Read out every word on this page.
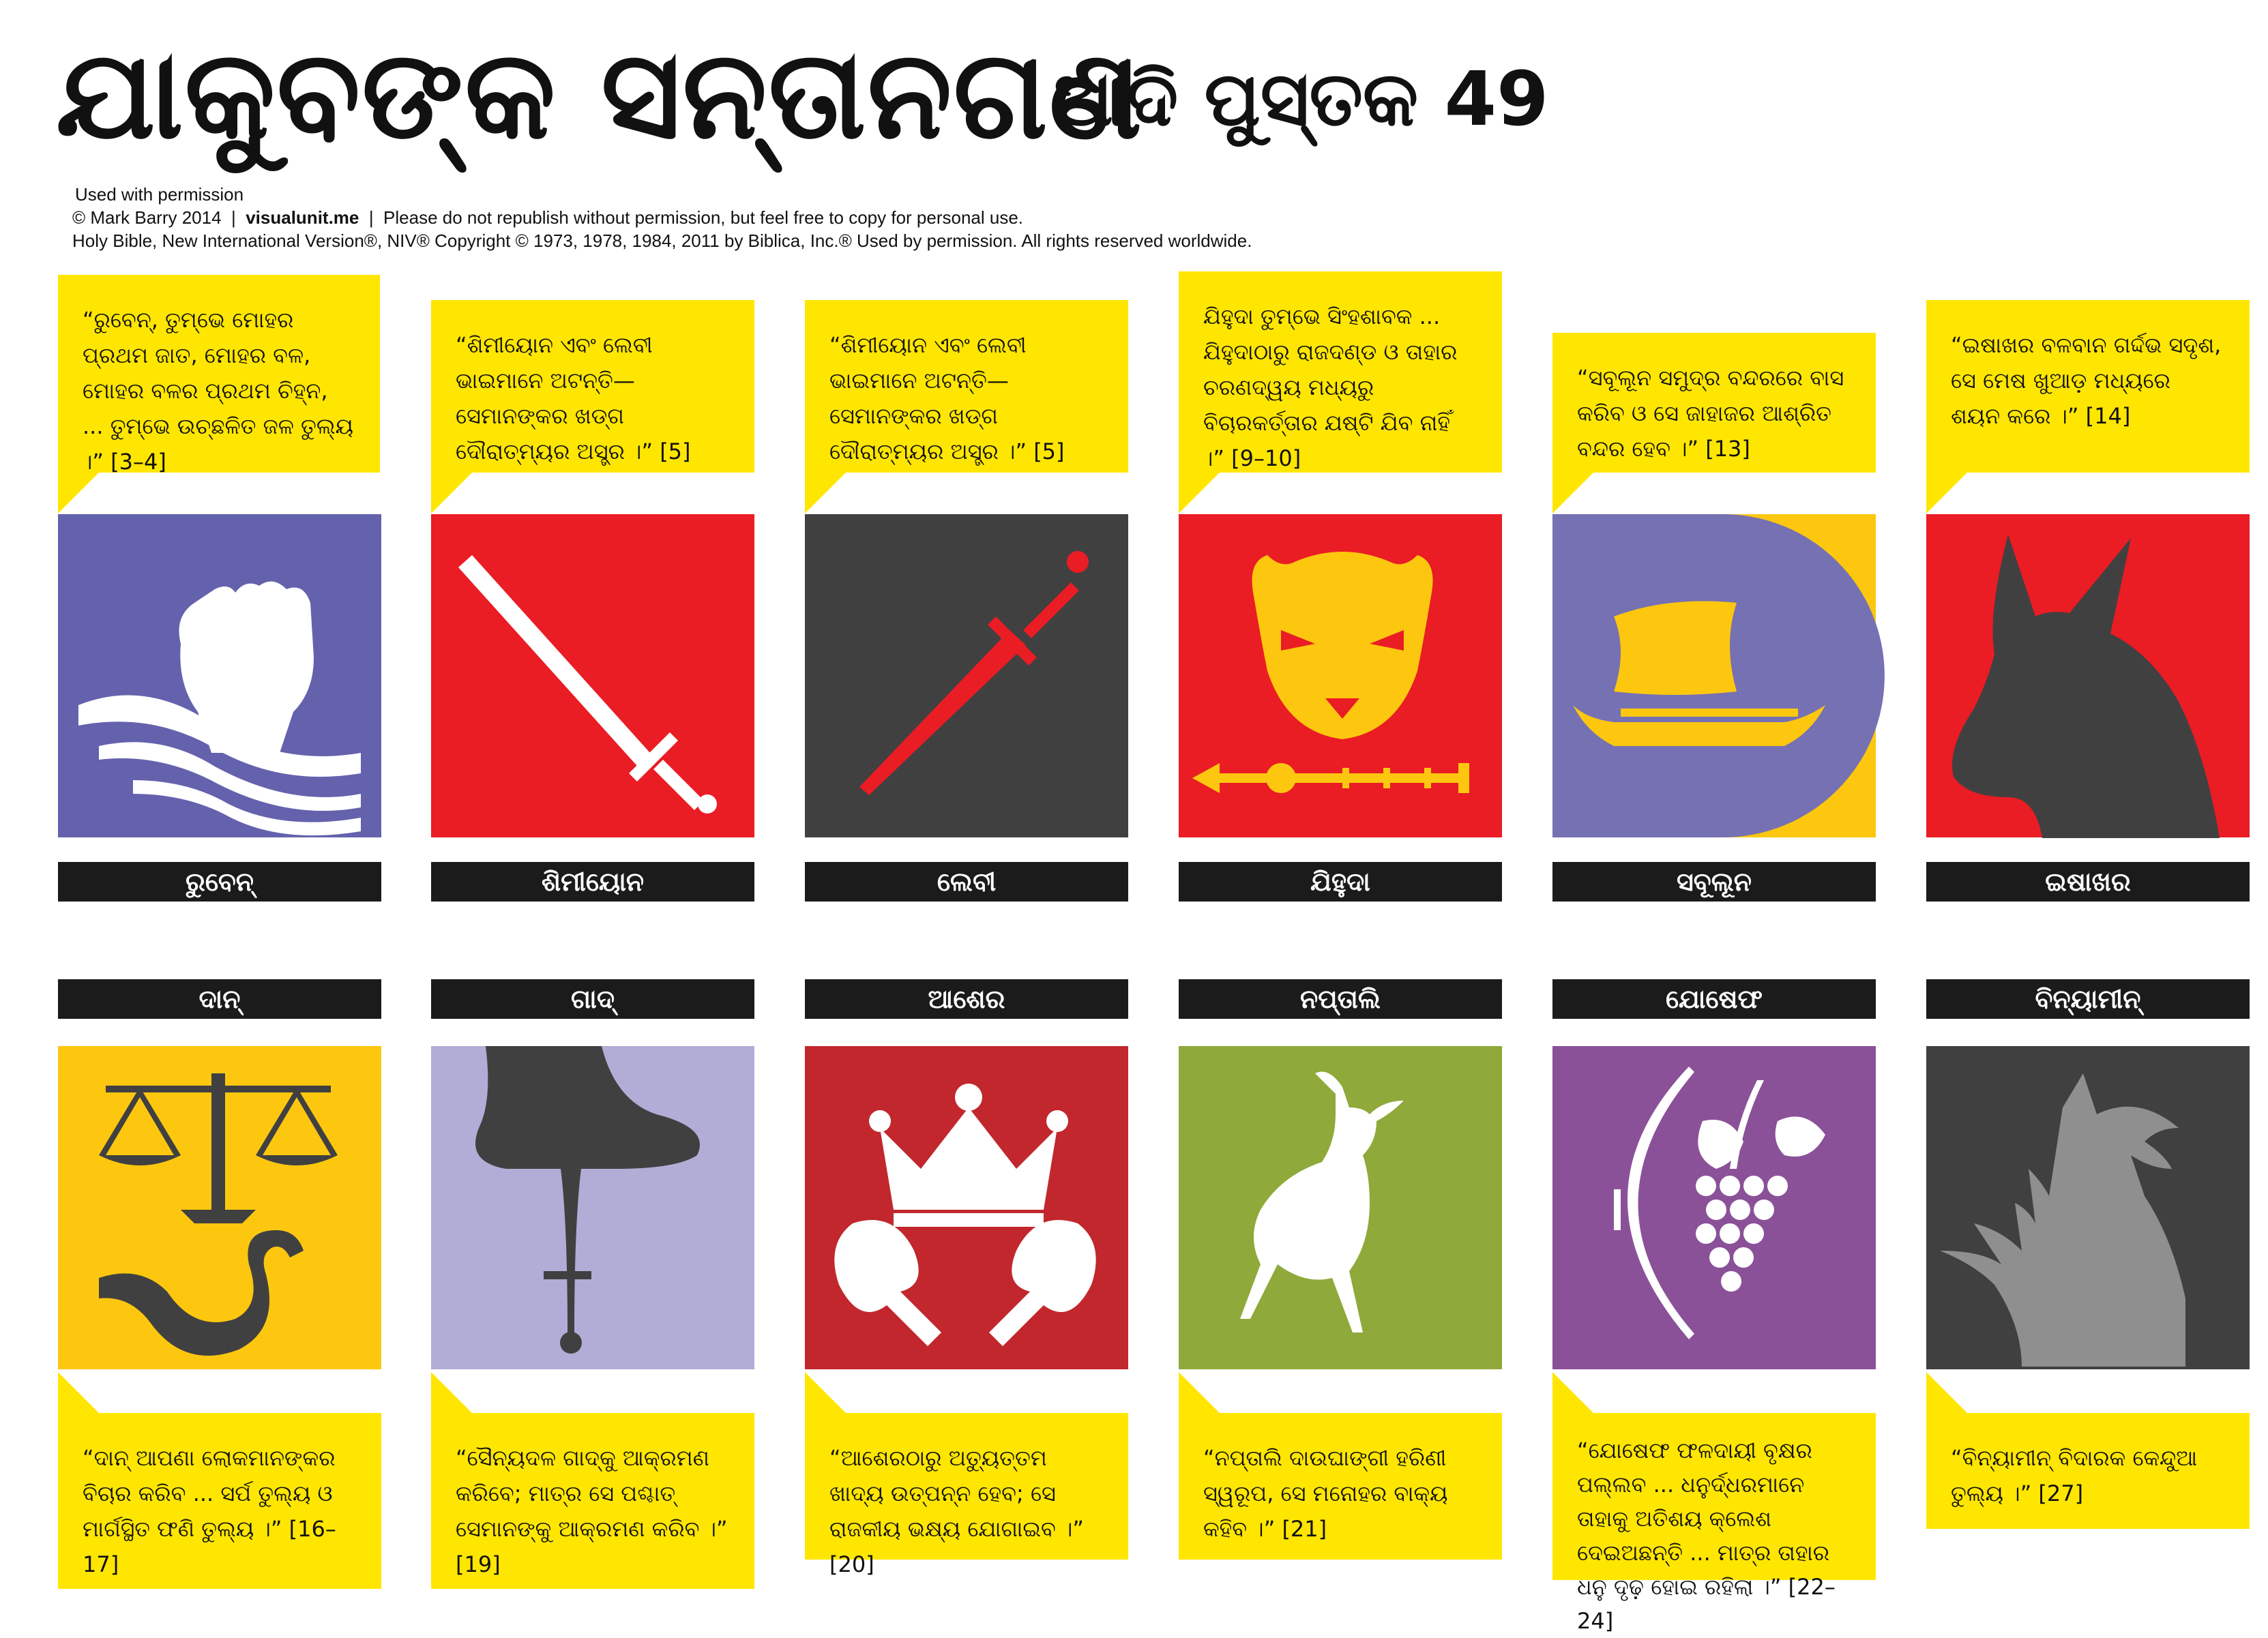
ଯାକୁବଙ୍କ ସନ୍ତାନଗଣ
ଆଦି ପୁସ୍ତକ 49
Used with permission
© Mark Barry 2014  |  visualunit.me  |  Please do not republish without permission, but feel free to copy for personal use.
Holy Bible, New International Version®, NIV® Copyright © 1973, 1978, 1984, 2011 by Biblica, Inc.® Used by permission. All rights reserved worldwide.
“ରୁବେନ୍, ତୁମ୍ଭେ ମୋହର ପ୍ରଥମ ଜାତ, ମୋହର ବଳ, ମୋହର ବଳର ପ୍ରଥମ ଚିହ୍ନ, ... ତୁମ୍ଭେ ଉଚ୍ଛଳିତ ଜଳ ତୁଲ୍ୟ ।” [3–4]
ରୁବେନ୍
“ଶିମୀୟୋନ ଏବଂ ଲେବୀ ଭାଇମାନେ ଅଟନ୍ତି—ସେମାନଙ୍କର ଖଡ୍ଗ ଦୌରାତ୍ମ୍ୟର ଅସ୍ତ୍ର ।” [5]
ଶିମୀୟୋନ
“ଶିମୀୟୋନ ଏବଂ ଲେବୀ ଭାଇମାନେ ଅଟନ୍ତି—ସେମାନଙ୍କର ଖଡ୍ଗ ଦୌରାତ୍ମ୍ୟର ଅସ୍ତ୍ର ।” [5]
ଲେବୀ
ଯିହୁଦା ତୁମ୍ଭେ ସିଂହଶାବକ ... ଯିହୁଦାଠାରୁ ରାଜଦଣ୍ଡ ଓ ତାହାର ଚରଣଦ୍ୱୟ ମଧ୍ୟରୁ ବିଚାରକର୍ତ୍ତାର ଯଷ୍ଟି ଯିବ ନାହିଁ ।” [9–10]
ଯିହୁଦା
“ସବୂଲୂନ ସମୁଦ୍ର ବନ୍ଦରରେ ବାସ କରିବ ଓ ସେ ଜାହାଜର ଆଶ୍ରିତ ବନ୍ଦର ହେବ ।” [13]
ସବୂଲୂନ
“ଇଷାଖର ବଳବାନ ଗର୍ଦ୍ଦଭ ସଦୃଶ, ସେ ମେଷ ଖୁଆଡ଼ ମଧ୍ୟରେ ଶୟନ କରେ ।” [14]
ଇଷାଖର
ଦାନ୍
“ଦାନ୍ ଆପଣା ଲୋକମାନଙ୍କର ବିଚାର କରିବ ... ସର୍ପ ତୁଲ୍ୟ ଓ ମାର୍ଗସ୍ଥିତ ଫଣି ତୁଲ୍ୟ ।” [16–17]
ଗାଦ୍
“ସୈନ୍ୟଦଳ ଗାଦ୍‌କୁ ଆକ୍ରମଣ କରିବେ; ମାତ୍ର ସେ ପଶ୍ଚାତ୍ ସେମାନଙ୍କୁ ଆକ୍ରମଣ କରିବ ।” [19]
ଆଶେର
“ଆଶେରଠାରୁ ଅତ୍ୟୁତ୍ତମ ଖାଦ୍ୟ ଉତ୍ପନ୍ନ ହେବ; ସେ ରାଜକୀୟ ଭକ୍ଷ୍ୟ ଯୋଗାଇବ ।” [20]
ନପ୍ତାଲି
“ନପ୍ତାଲି ଦାଉଘାଙ୍ଗୀ ହରିଣୀ ସ୍ୱରୂପ, ସେ ମନୋହର ବାକ୍ୟ କହିବ ।” [21]
ଯୋଷେଫ
“ଯୋଷେଫ ଫଳଦାୟୀ ବୃକ୍ଷର ପଲ୍ଲବ ... ଧନୁର୍ଦ୍ଧରମାନେ ତାହାକୁ ଅତିଶୟ କ୍ଲେଶ ଦେଇଅଛନ୍ତି ... ମାତ୍ର ତାହାର ଧନୁ ଦୃଢ଼ ହୋଇ ରହିଲା ।” [22–24]
ବିନ୍ୟାମୀନ୍
“ବିନ୍ୟାମୀନ୍ ବିଦାରକ କେନ୍ଦୁଆ ତୁଲ୍ୟ ।” [27]
